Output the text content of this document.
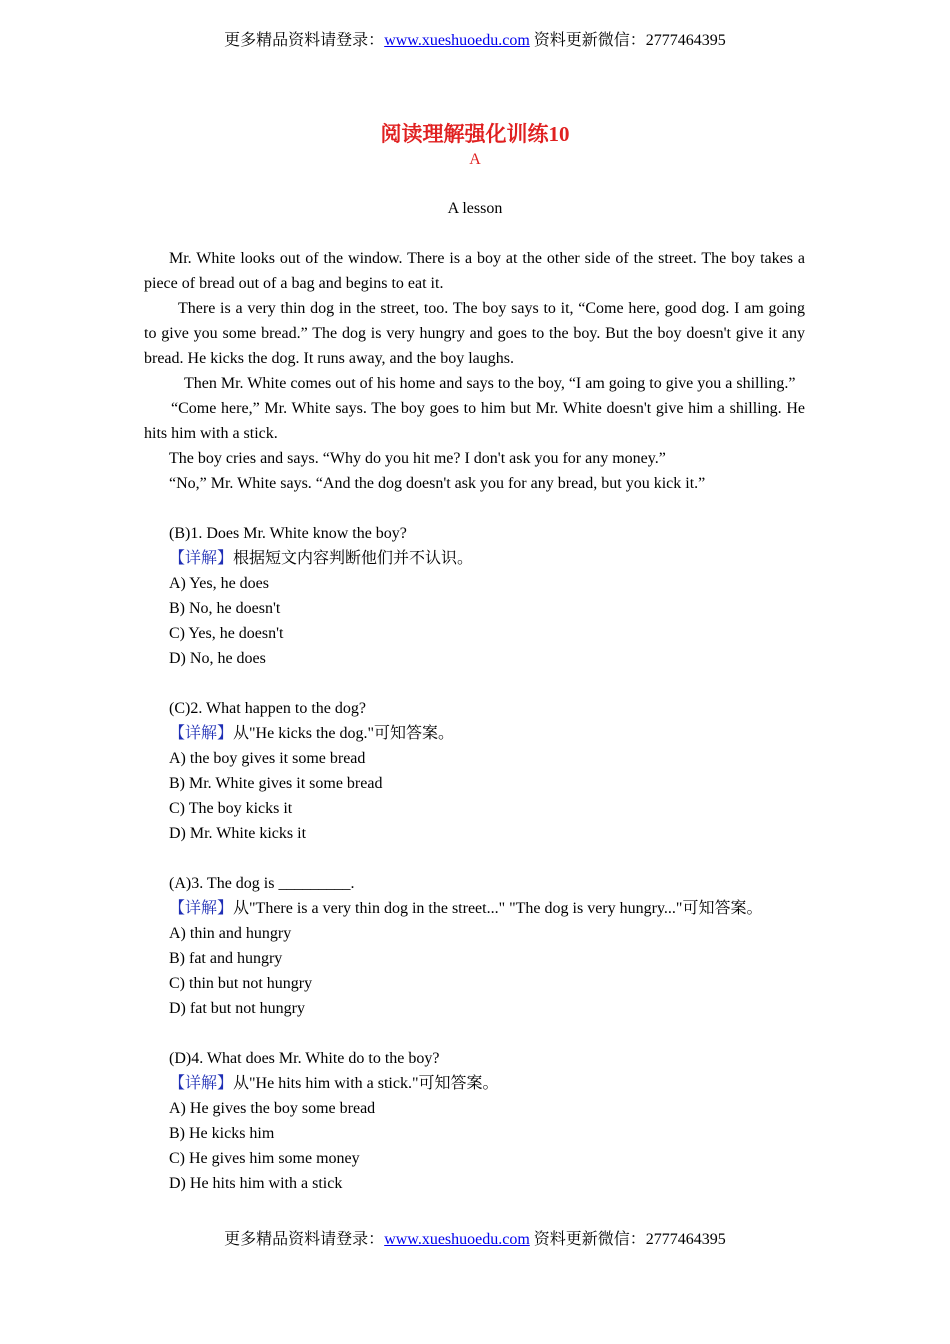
更多精品资料请登录：www.xueshuoedu.com 资料更新微信：2777464395
阅读理解强化训练10
A
A lesson

Mr. White looks out of the window. There is a boy at the other side of the street. The boy takes a piece of bread out of a bag and begins to eat it.

There is a very thin dog in the street, too. The boy says to it, “Come here, good dog. I am going to give you some bread.” The dog is very hungry and goes to the boy. But the boy doesn't give it any bread. He kicks the dog. It runs away, and the boy laughs.

Then Mr. White comes out of his home and says to the boy, “I am going to give you a shilling.”

“Come here,” Mr. White says. The boy goes to him but Mr. White doesn't give him a shilling. He hits him with a stick.

The boy cries and says. “Why do you hit me? I don't ask you for any money.”

“No,” Mr. White says. “And the dog doesn't ask you for any bread, but you kick it.”

(B)1. Does Mr. White know the boy?

【详解】根据短文内容判断他们并不认识。

A) Yes, he does

B) No, he doesn't

C) Yes, he doesn't

D) No, he does

(C)2. What happen to the dog?

【详解】从"He kicks the dog."可知答案。

A) the boy gives it some bread

B) Mr. White gives it some bread

C) The boy kicks it

D) Mr. White kicks it

(A)3. The dog is _________.

【详解】从"There is a very thin dog in the street..." "The dog is very hungry..."可知答案。

A) thin and hungry

B) fat and hungry

C) thin but not hungry

D) fat but not hungry

(D)4. What does Mr. White do to the boy?

【详解】从"He hits him with a stick."可知答案。

A) He gives the boy some bread

B) He kicks him

C) He gives him some money

D) He hits him with a stick

更多精品资料请登录：www.xueshuoedu.com 资料更新微信：2777464395
